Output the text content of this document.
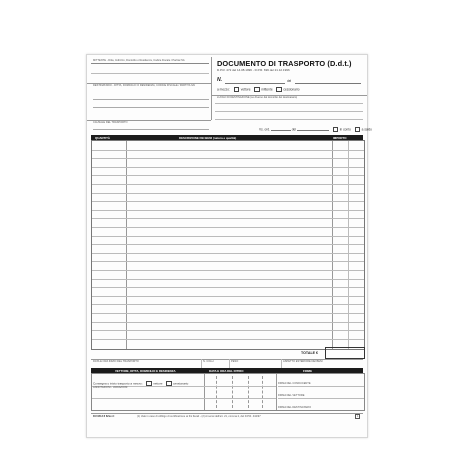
MITTENTE - Ditta, Indirizzo, Domicilio o Residenza, Codice Fiscale / Partita IVA	DOCUMENTO DI TRASPORTO (D.d.t.)
D.P.R. 472 del 14.08.1996 - D.P.R. 696 del 21.12.1996
N.	del
a mezzo:	vettore	mittente	cessionario
DESTINATARIO - DITTA, DOMICILIO O RESIDENZA, CODICE FISCALE / PARTITA IVA
LUOGO DI DESTINAZIONE (se diverso dal domicilio del destinatario)
CAUSALE DEL TRASPORTO
Vs. ord.	del	in conto	a saldo
QUANTITÀ	DESCRIZIONE DEI BENI (natura e qualità)	IMPORTO
TOTALE €
DATA E ORA INIZIO DEL TRASPORTO	N. COLLI	PESO	ASPETTO ESTERIORE DEI BENI
VETTORE, DITTA, DOMICILIO E RESIDENZA	DATA E ORA DEL RITIRO	FIRME
FIRMA DEL CONDUCENTE
FIRMA DEL VETTORE
FIRMA DEL DESTINATARIO
Consegna o inizio trasporto a mezzo:	vettore	cessionario
ANNOTAZIONI - VARIAZIONI
DU MCJ 8 62xx-C	(1) Vale in caso di obbligo di certificazione ai fini fiscali - (2) Ai sensi dell'art. 21, comma 2, del D.P.R. 442/97	1
